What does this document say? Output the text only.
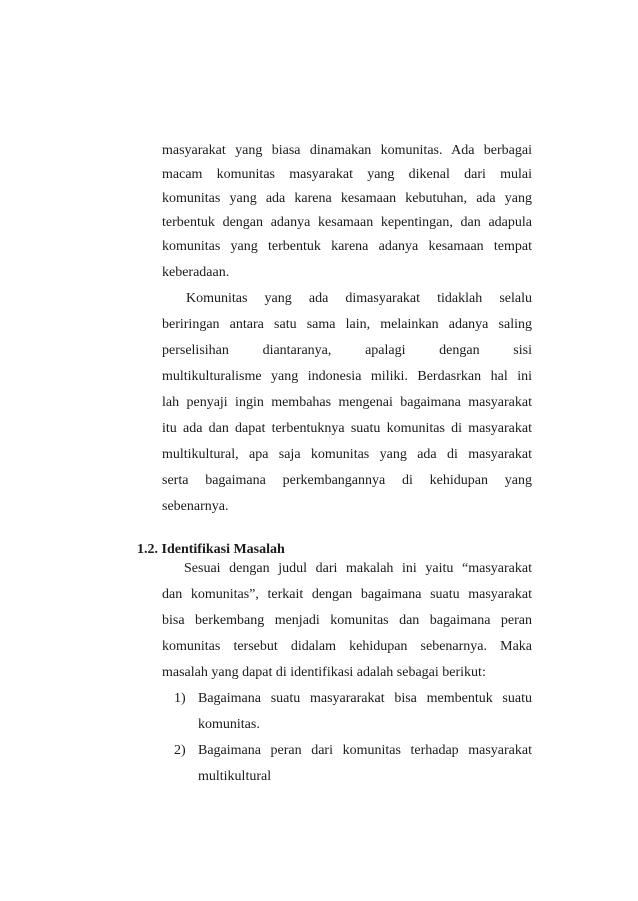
masyarakat yang biasa dinamakan komunitas. Ada berbagai
macam komunitas masyarakat yang dikenal dari mulai
komunitas yang ada karena kesamaan kebutuhan, ada yang
terbentuk dengan adanya kesamaan kepentingan, dan adapula
komunitas yang terbentuk karena adanya kesamaan tempat
keberadaan.
Komunitas yang ada dimasyarakat tidaklah selalu
beriringan antara satu sama lain, melainkan adanya saling
perselisihan diantaranya, apalagi dengan sisi
multikulturalisme yang indonesia miliki. Berdasrkan hal ini
lah penyaji ingin membahas mengenai bagaimana masyarakat
itu ada dan dapat terbentuknya suatu komunitas di masyarakat
multikultural, apa saja komunitas yang ada di masyarakat
serta bagaimana perkembangannya di kehidupan yang
sebenarnya.
1.2. Identifikasi Masalah
Sesuai dengan judul dari makalah ini yaitu “masyarakat
dan komunitas”, terkait dengan bagaimana suatu masyarakat
bisa berkembang menjadi komunitas dan bagaimana peran
komunitas tersebut didalam kehidupan sebenarnya. Maka
masalah yang dapat di identifikasi adalah sebagai berikut:
1) Bagaimana suatu masyararakat bisa membentuk suatu
komunitas.
2) Bagaimana peran dari komunitas terhadap masyarakat
multikultural
